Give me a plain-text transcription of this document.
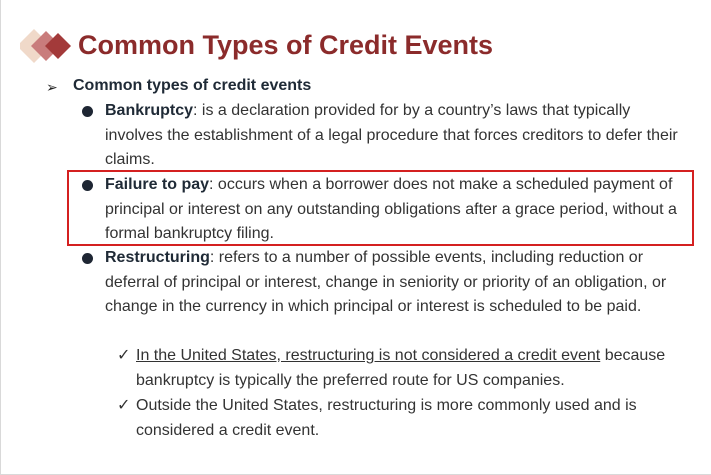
Common Types of Credit Events
➢ Common types of credit events
Bankruptcy: is a declaration provided for by a country’s laws that typically involves the establishment of a legal procedure that forces creditors to defer their claims.
Failure to pay: occurs when a borrower does not make a scheduled payment of principal or interest on any outstanding obligations after a grace period, without a formal bankruptcy filing.
Restructuring: refers to a number of possible events, including reduction or deferral of principal or interest, change in seniority or priority of an obligation, or change in the currency in which principal or interest is scheduled to be paid.
✓ In the United States, restructuring is not considered a credit event because bankruptcy is typically the preferred route for US companies.
✓ Outside the United States, restructuring is more commonly used and is considered a credit event.
